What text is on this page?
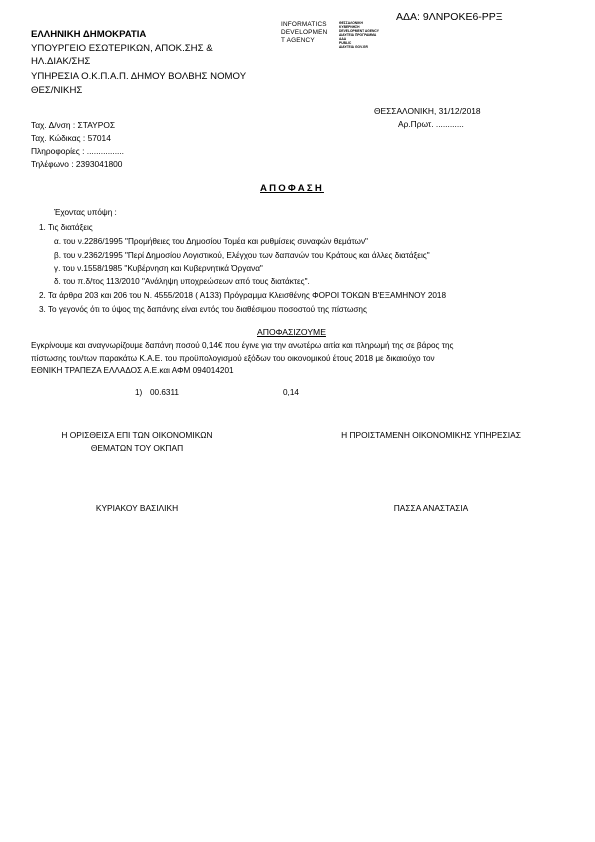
ΑΔΑ: 9ΛΝΡΟΚΕ6-ΡΡΞ
ΕΛΛΗΝΙΚΗ ΔΗΜΟΚΡΑΤΙΑ
ΥΠΟΥΡΓΕΙΟ ΕΣΩΤΕΡΙΚΩΝ, ΑΠΟΚ.ΣΗΣ &
ΗΛ.ΔΙΑΚ/ΣΗΣ
ΥΠΗΡΕΣΙΑ Ο.Κ.Π.Α.Π. ΔΗΜΟΥ ΒΟΛΒΗΣ ΝΟΜΟΥ
ΘΕΣ/ΝΙΚΗΣ
INFORMATICS
DEVELOPMEN
T AGENCY
ΘΕΣΣΑΛΟΝΙΚΗ
ΚΥΒΕΡΝΗΣΗ
DEVELOPMENT AGENCY
ΔΙΑΥΓΕΙΑ ΠΡΟΓΡΑΜΜΑ
ΑΔΑ
PUBLIC
ΔΙΑΥΓΕΙΑ GOV.GR
ΘΕΣΣΑΛΟΝΙΚΗ, 31/12/2018
Αρ.Πρωτ. ............
Ταχ. Δ/νση : ΣΤΑΥΡΟΣ
Ταχ. Κώδικας : 57014
Πληροφορίες : ................
Τηλέφωνο : 2393041800
ΑΠΟΦΑΣΗ
Έχοντας υπόψη :
1. Τις διατάξεις
α. του ν.2286/1995 "Προμήθειες του Δημοσίου Τομέα και ρυθμίσεις συναφών θεμάτων"
β. του ν.2362/1995 "Περί Δημοσίου Λογιστικού, Ελέγχου των δαπανών του Κράτους και άλλες διατάξεις"
γ. του ν.1558/1985 "Κυβέρνηση και Κυβερνητικά Όργανα"
δ. του π.δ/τος 113/2010 "Ανάληψη υποχρεώσεων από τους διατάκτες".
2. Τα άρθρα 203 και 206 του Ν. 4555/2018 ( Α133) Πρόγραμμα Κλεισθένης ΦΟΡΟΙ ΤΟΚΩΝ Β'ΕΞΑΜΗΝΟΥ 2018
3. Το γεγονός ότι το ύψος της δαπάνης είναι εντός του διαθέσιμου ποσοστού της πίστωσης
ΑΠΟΦΑΣΙΖΟΥΜΕ
Εγκρίνουμε και αναγνωρίζουμε δαπάνη ποσού 0,14€ που έγινε για την ανωτέρω αιτία και πληρωμή της σε βάρος της
πίστωσης του/των παρακάτω Κ.Α.Ε. του προϋπολογισμού εξόδων του οικονομικού έτους 2018 με δικαιούχο τον
ΕΘΝΙΚΗ ΤΡΑΠΕΖΑ ΕΛΛΑΔΟΣ Α.Ε.και ΑΦΜ 094014201
1) 00.6311	0,14
Η ΟΡΙΣΘΕΙΣΑ ΕΠΙ ΤΩΝ ΟΙΚΟΝΟΜΙΚΩΝ
ΘΕΜΑΤΩΝ ΤΟΥ ΟΚΠΑΠ
Η ΠΡΟΙΣΤΑΜΕΝΗ ΟΙΚΟΝΟΜΙΚΗΣ ΥΠΗΡΕΣΙΑΣ
ΚΥΡΙΑΚΟΥ ΒΑΣΙΛΙΚΗ	ΠΑΣΣΑ ΑΝΑΣΤΑΣΙΑ
